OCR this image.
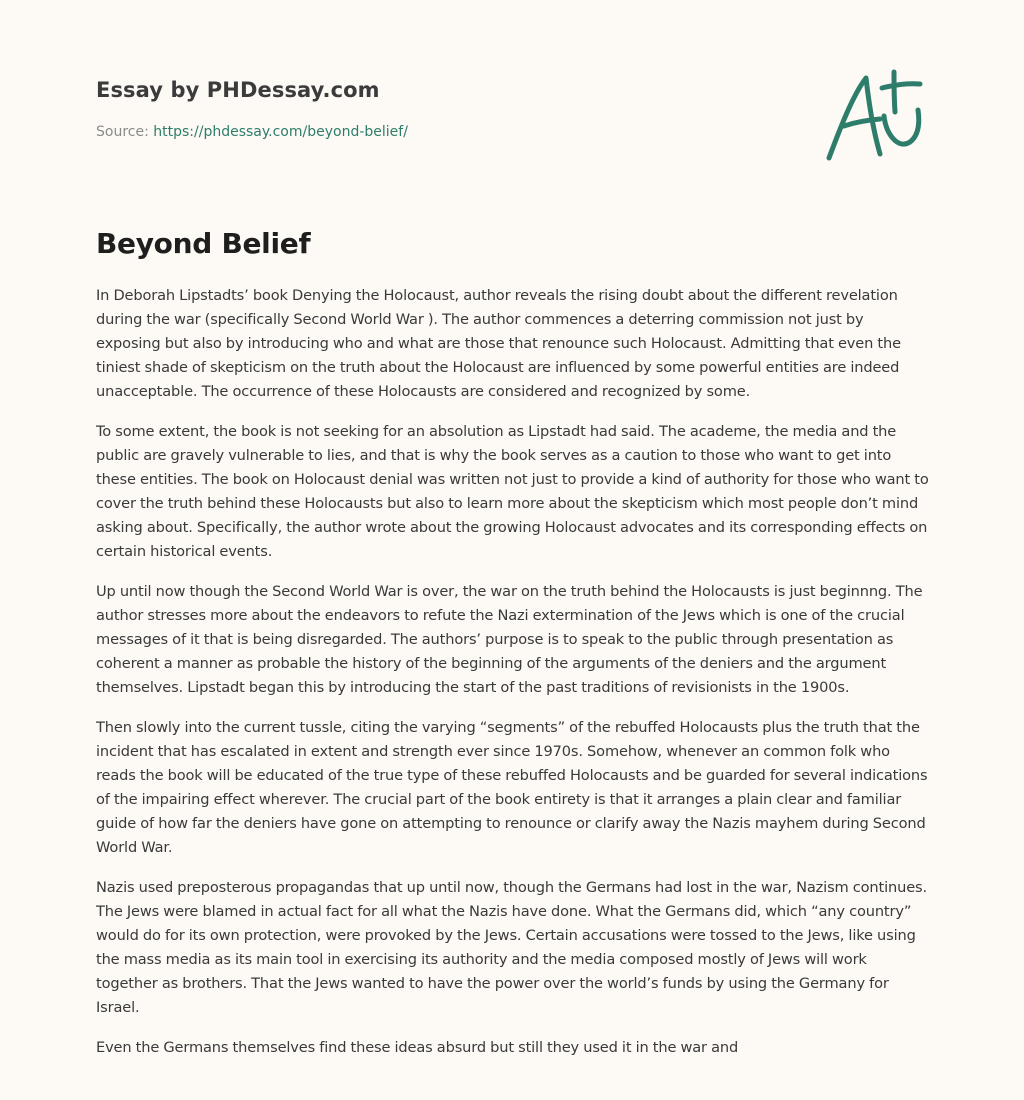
Essay by PHDessay.com
Source: https://phdessay.com/beyond-belief/
Beyond Belief

In Deborah Lipstadts’ book Denying the Holocaust, author reveals the rising doubt about the different revelation during the war (specifically Second World War ). The author commences a deterring commission not just by exposing but also by introducing who and what are those that renounce such Holocaust. Admitting that even the tiniest shade of skepticism on the truth about the Holocaust are influenced by some powerful entities are indeed unacceptable. The occurrence of these Holocausts are considered and recognized by some.

To some extent, the book is not seeking for an absolution as Lipstadt had said. The academe, the media and the public are gravely vulnerable to lies, and that is why the book serves as a caution to those who want to get into these entities. The book on Holocaust denial was written not just to provide a kind of authority for those who want to cover the truth behind these Holocausts but also to learn more about the skepticism which most people don’t mind asking about. Specifically, the author wrote about the growing Holocaust advocates and its corresponding effects on certain historical events.

Up until now though the Second World War is over, the war on the truth behind the Holocausts is just beginnng. The author stresses more about the endeavors to refute the Nazi extermination of the Jews which is one of the crucial messages of it that is being disregarded. The authors’ purpose is to speak to the public through presentation as coherent a manner as probable the history of the beginning of the arguments of the deniers and the argument themselves. Lipstadt began this by introducing the start of the past traditions of revisionists in the 1900s.

Then slowly into the current tussle, citing the varying “segments” of the rebuffed Holocausts plus the truth that the incident that has escalated in extent and strength ever since 1970s. Somehow, whenever an common folk who reads the book will be educated of the true type of these rebuffed Holocausts and be guarded for several indications of the impairing effect wherever. The crucial part of the book entirety is that it arranges a plain clear and familiar guide of how far the deniers have gone on attempting to renounce or clarify away the Nazis mayhem during Second World War.

Nazis used preposterous propagandas that up until now, though the Germans had lost in the war, Nazism continues. The Jews were blamed in actual fact for all what the Nazis have done. What the Germans did, which “any country” would do for its own protection, were provoked by the Jews. Certain accusations were tossed to the Jews, like using the mass media as its main tool in exercising its authority and the media composed mostly of Jews will work together as brothers. That the Jews wanted to have the power over the world’s funds by using the Germany for Israel.

Even the Germans themselves find these ideas absurd but still they used it in the war and
